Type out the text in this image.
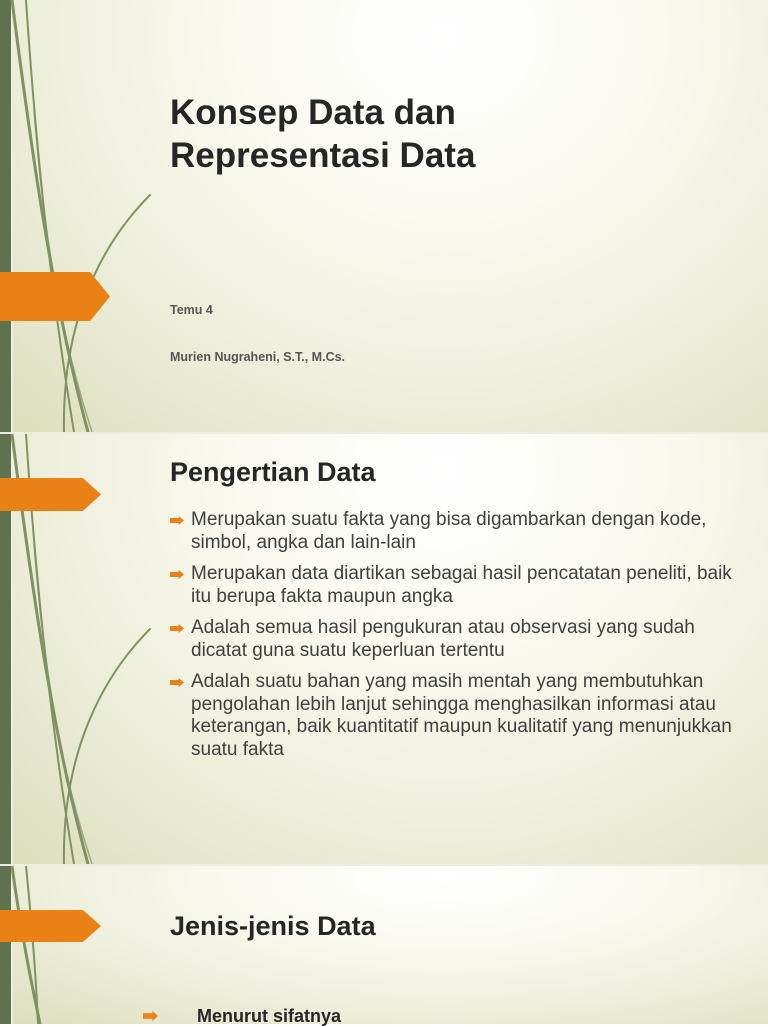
Konsep Data dan
Representasi Data

Temu 4

Murien Nugraheni, S.T., M.Cs.

Pengertian Data
Merupakan suatu fakta yang bisa digambarkan dengan kode, simbol, angka dan lain-lain
Merupakan data diartikan sebagai hasil pencatatan peneliti, baik itu berupa fakta maupun angka
Adalah semua hasil pengukuran atau observasi yang sudah dicatat guna suatu keperluan tertentu
Adalah suatu bahan yang masih mentah yang membutuhkan pengolahan lebih lanjut sehingga menghasilkan informasi atau keterangan, baik kuantitatif maupun kualitatif yang menunjukkan suatu fakta
Jenis-jenis Data
Menurut sifatnya
